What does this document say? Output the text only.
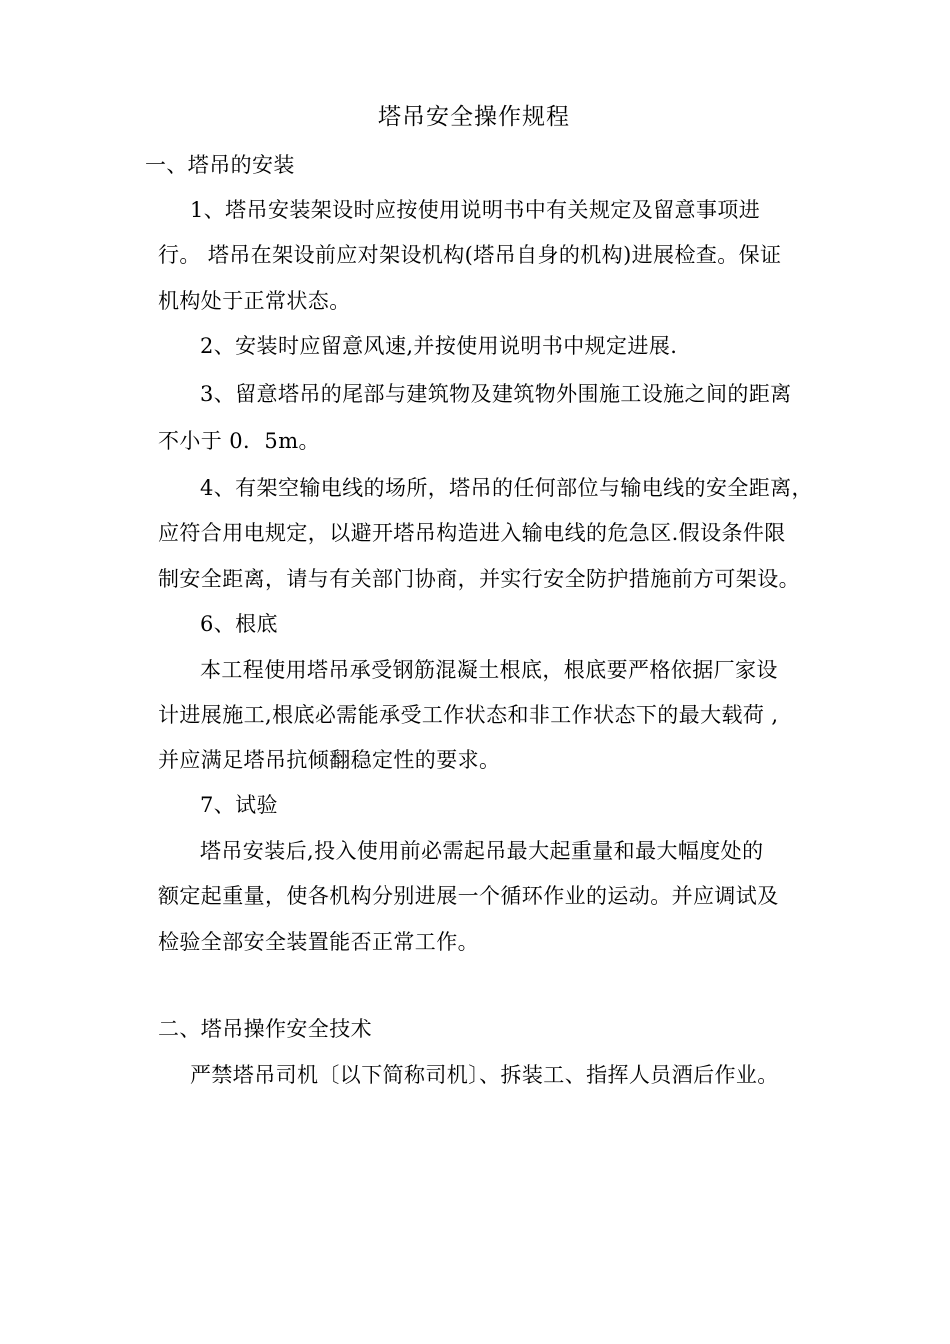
塔吊安全操作规程
一、塔吊的安装
1、塔吊安装架设时应按使用说明书中有关规定及留意事项进
行。 塔吊在架设前应对架设机构(塔吊自身的机构)进展检查。保证
机构处于正常状态。
2、安装时应留意风速,并按使用说明书中规定进展.
3、留意塔吊的尾部与建筑物及建筑物外围施工设施之间的距离
不小于 0．5m。
4、有架空输电线的场所，塔吊的任何部位与输电线的安全距离，
应符合用电规定，以避开塔吊构造进入输电线的危急区.假设条件限
制安全距离，请与有关部门协商，并实行安全防护措施前方可架设。
6、根底
本工程使用塔吊承受钢筋混凝土根底，根底要严格依据厂家设
计进展施工,根底必需能承受工作状态和非工作状态下的最大载荷 ,
并应满足塔吊抗倾翻稳定性的要求。
7、试验
塔吊安装后,投入使用前必需起吊最大起重量和最大幅度处的
额定起重量，使各机构分别进展一个循环作业的运动。并应调试及
检验全部安全装置能否正常工作。
二、塔吊操作安全技术
严禁塔吊司机〔以下简称司机〕、拆装工、指挥人员酒后作业。
